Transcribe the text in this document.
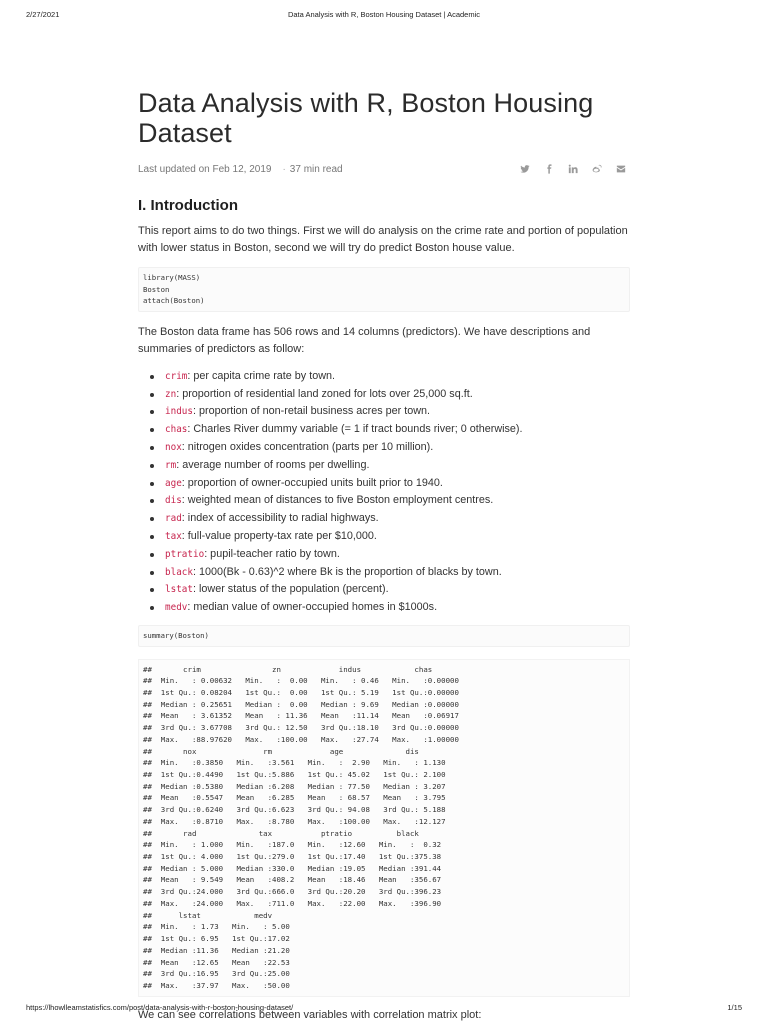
2/27/2021	Data Analysis with R, Boston Housing Dataset | Academic
Data Analysis with R, Boston Housing Dataset
Last updated on Feb 12, 2019 · 37 min read
I. Introduction

This report aims to do two things. First we will do analysis on the crime rate and portion of population with lower status in Boston, second we will try do predict Boston house value.

library(MASS)
Boston
attach(Boston)

The Boston data frame has 506 rows and 14 columns (predictors). We have descriptions and summaries of predictors as follow:

crim: per capita crime rate by town.
zn: proportion of residential land zoned for lots over 25,000 sq.ft.
indus: proportion of non-retail business acres per town.
chas: Charles River dummy variable (= 1 if tract bounds river; 0 otherwise).
nox: nitrogen oxides concentration (parts per 10 million).
rm: average number of rooms per dwelling.
age: proportion of owner-occupied units built prior to 1940.
dis: weighted mean of distances to five Boston employment centres.
rad: index of accessibility to radial highways.
tax: full-value property-tax rate per $10,000.
ptratio: pupil-teacher ratio by town.
black: 1000(Bk - 0.63)^2 where Bk is the proportion of blacks by town.
lstat: lower status of the population (percent).
medv: median value of owner-occupied homes in $1000s.
summary(Boston)
##       crim                zn             indus            chas
##  Min.   : 0.00632   Min.   :  0.00   Min.   : 0.46   Min.   :0.00000
##  1st Qu.: 0.08204   1st Qu.:  0.00   1st Qu.: 5.19   1st Qu.:0.00000
##  Median : 0.25651   Median :  0.00   Median : 9.69   Median :0.00000
##  Mean   : 3.61352   Mean   : 11.36   Mean   :11.14   Mean   :0.06917
##  3rd Qu.: 3.67708   3rd Qu.: 12.50   3rd Qu.:18.10   3rd Qu.:0.00000
##  Max.   :88.97620   Max.   :100.00   Max.   :27.74   Max.   :1.00000
##       nox               rm             age              dis
##  Min.   :0.3850   Min.   :3.561   Min.   :  2.90   Min.   : 1.130
##  1st Qu.:0.4490   1st Qu.:5.886   1st Qu.: 45.02   1st Qu.: 2.100
##  Median :0.5380   Median :6.208   Median : 77.50   Median : 3.207
##  Mean   :0.5547   Mean   :6.285   Mean   : 68.57   Mean   : 3.795
##  3rd Qu.:0.6240   3rd Qu.:6.623   3rd Qu.: 94.08   3rd Qu.: 5.188
##  Max.   :0.8710   Max.   :8.780   Max.   :100.00   Max.   :12.127
##       rad              tax           ptratio          black
##  Min.   : 1.000   Min.   :187.0   Min.   :12.60   Min.   :  0.32
##  1st Qu.: 4.000   1st Qu.:279.0   1st Qu.:17.40   1st Qu.:375.38
##  Median : 5.000   Median :330.0   Median :19.05   Median :391.44
##  Mean   : 9.549   Mean   :408.2   Mean   :18.46   Mean   :356.67
##  3rd Qu.:24.000   3rd Qu.:666.0   3rd Qu.:20.20   3rd Qu.:396.23
##  Max.   :24.000   Max.   :711.0   Max.   :22.00   Max.   :396.90
##      lstat            medv
##  Min.   : 1.73   Min.   : 5.00
##  1st Qu.: 6.95   1st Qu.:17.02
##  Median :11.36   Median :21.20
##  Mean   :12.65   Mean   :22.53
##  3rd Qu.:16.95   3rd Qu.:25.00
##  Max.   :37.97   Max.   :50.00
We can see correlations between variables with correlation matrix plot:
https://lhowlleamstatisfics.com/post/data-analysis-with-r-boston-housing-dataset/	1/15
